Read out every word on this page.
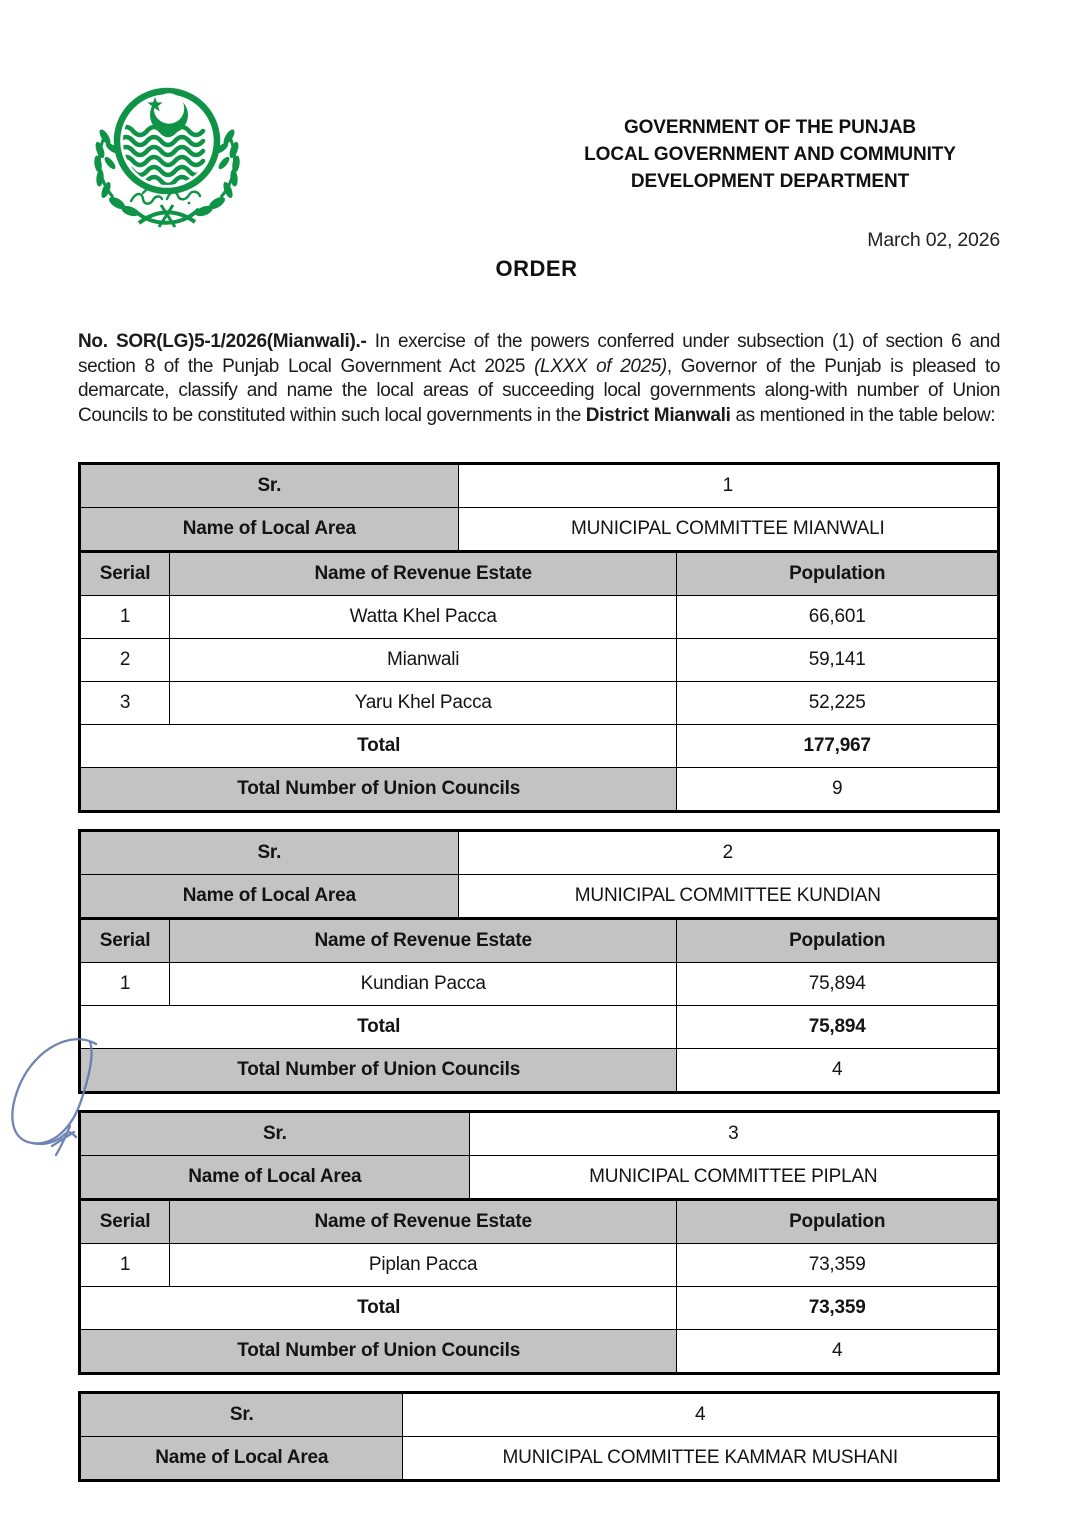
GOVERNMENT OF THE PUNJAB
LOCAL GOVERNMENT AND COMMUNITY
DEVELOPMENT DEPARTMENT
March 02, 2026
ORDER

No. SOR(LG)5-1/2026(Mianwali).- In exercise of the powers conferred under subsection (1) of section 6 and section 8 of the Punjab Local Government Act 2025 (LXXX of 2025), Governor of the Punjab is pleased to demarcate, classify and name the local areas of succeeding local governments along-with number of Union Councils to be constituted within such local governments in the District Mianwali as mentioned in the table below:

Sr.		1	
Name of Local Area		MUNICIPAL COMMITTEE MIANWALI	
Serial	Name of Revenue Estate		Population
1	Watta Khel Pacca		66,601
2	Mianwali		59,141
3	Yaru Khel Pacca		52,225
Total			177,967
Total Number of Union Councils			9
Sr.		2	
Name of Local Area		MUNICIPAL COMMITTEE KUNDIAN	
Serial	Name of Revenue Estate		Population
1	Kundian Pacca		75,894
Total			75,894
Total Number of Union Councils			4
Sr.		3	
Name of Local Area		MUNICIPAL COMMITTEE PIPLAN	
Serial	Name of Revenue Estate		Population
1	Piplan Pacca		73,359
Total			73,359
Total Number of Union Councils			4
Sr.	4
Name of Local Area	MUNICIPAL COMMITTEE KAMMAR MUSHANI
